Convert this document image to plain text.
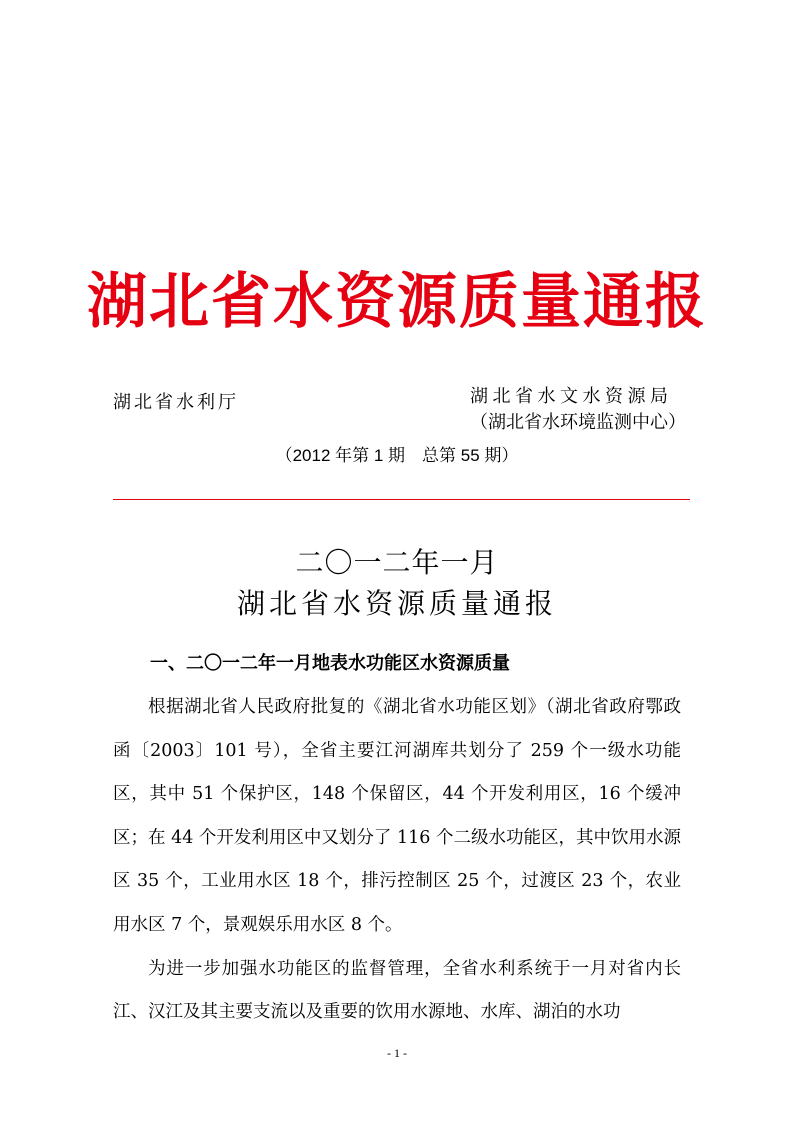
湖北省水资源质量通报
湖北省水利厅	湖北省水文水资源局
（湖北省水环境监测中心）
（2012 年第 1 期　总第 55 期）
二〇一二年一月
湖北省水资源质量通报
一、二〇一二年一月地表水功能区水资源质量

根据湖北省人民政府批复的《湖北省水功能区划》（湖北省政府鄂政函〔2003〕101 号），全省主要江河湖库共划分了 259 个一级水功能区，其中 51 个保护区，148 个保留区，44 个开发利用区，16 个缓冲区；在 44 个开发利用区中又划分了 116 个二级水功能区，其中饮用水源区 35 个，工业用水区 18 个，排污控制区 25 个，过渡区 23 个，农业用水区 7 个，景观娱乐用水区 8 个。

为进一步加强水功能区的监督管理，全省水利系统于一月对省内长江、汉江及其主要支流以及重要的饮用水源地、水库、湖泊的水功

- 1 -
